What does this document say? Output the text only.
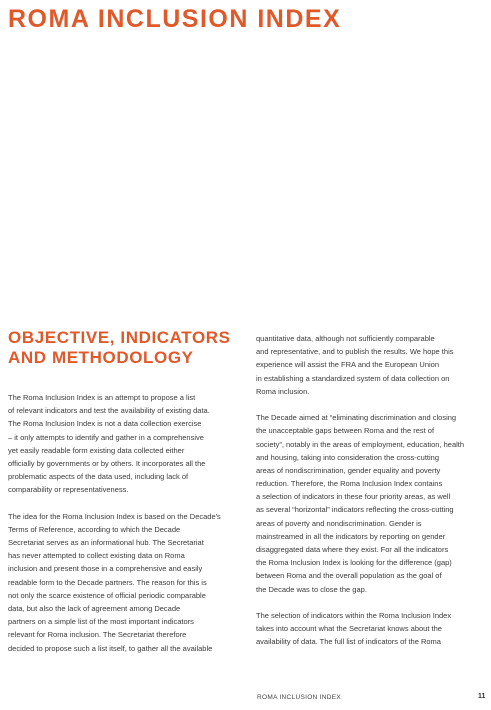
ROMA INCLUSION INDEX
OBJECTIVE, INDICATORS AND METHODOLOGY
The Roma Inclusion Index is an attempt to propose a list
of relevant indicators and test the availability of existing data.
The Roma Inclusion Index is not a data collection exercise
– it only attempts to identify and gather in a comprehensive
yet easily readable form existing data collected either
officially by governments or by others. It incorporates all the
problematic aspects of the data used, including lack of
comparability or representativeness.
The idea for the Roma Inclusion Index is based on the Decade's
Terms of Reference, according to which the Decade
Secretariat serves as an informational hub. The Secretariat
has never attempted to collect existing data on Roma
inclusion and present those in a comprehensive and easily
readable form to the Decade partners. The reason for this is
not only the scarce existence of official periodic comparable
data, but also the lack of agreement among Decade
partners on a simple list of the most important indicators
relevant for Roma inclusion. The Secretariat therefore
decided to propose such a list itself, to gather all the available
quantitative data, although not sufficiently comparable
and representative, and to publish the results. We hope this
experience will assist the FRA and the European Union
in establishing a standardized system of data collection on
Roma inclusion.
The Decade aimed at “eliminating discrimination and closing
the unacceptable gaps between Roma and the rest of
society”, notably in the areas of employment, education, health
and housing, taking into consideration the cross-cutting
areas of nondiscrimination, gender equality and poverty
reduction. Therefore, the Roma Inclusion Index contains
a selection of indicators in these four priority areas, as well
as several “horizontal” indicators reflecting the cross-cutting
areas of poverty and nondiscrimination. Gender is
mainstreamed in all the indicators by reporting on gender
disaggregated data where they exist. For all the indicators
the Roma Inclusion Index is looking for the difference (gap)
between Roma and the overall population as the goal of
the Decade was to close the gap.
The selection of indicators within the Roma Inclusion Index
takes into account what the Secretariat knows about the
availability of data. The full list of indicators of the Roma
ROMA INCLUSION INDEX	11
